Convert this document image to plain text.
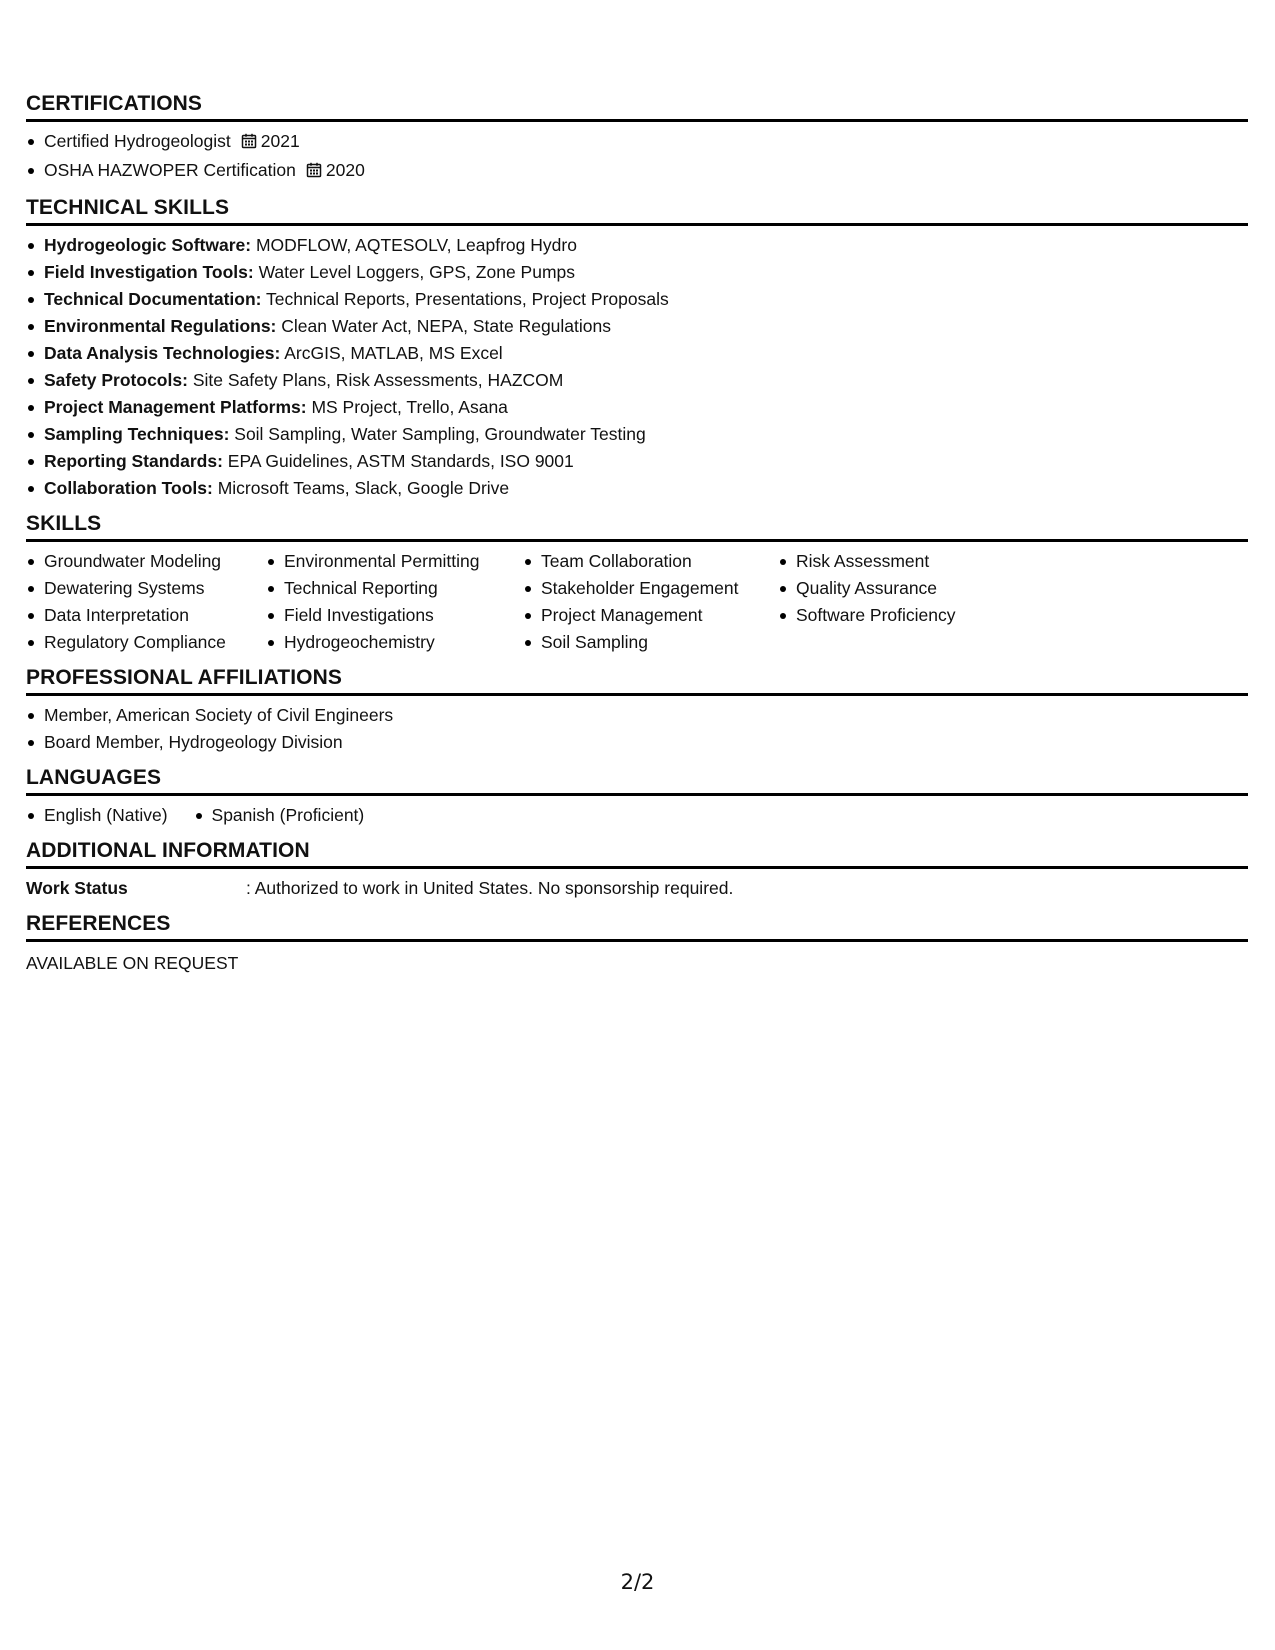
CERTIFICATIONS
Certified Hydrogeologist 2021
OSHA HAZWOPER Certification 2020
TECHNICAL SKILLS
Hydrogeologic Software: MODFLOW, AQTESOLV, Leapfrog Hydro
Field Investigation Tools: Water Level Loggers, GPS, Zone Pumps
Technical Documentation: Technical Reports, Presentations, Project Proposals
Environmental Regulations: Clean Water Act, NEPA, State Regulations
Data Analysis Technologies: ArcGIS, MATLAB, MS Excel
Safety Protocols: Site Safety Plans, Risk Assessments, HAZCOM
Project Management Platforms: MS Project, Trello, Asana
Sampling Techniques: Soil Sampling, Water Sampling, Groundwater Testing
Reporting Standards: EPA Guidelines, ASTM Standards, ISO 9001
Collaboration Tools: Microsoft Teams, Slack, Google Drive
SKILLS
Groundwater Modeling
Dewatering Systems
Data Interpretation
Regulatory Compliance
Environmental Permitting
Technical Reporting
Field Investigations
Hydrogeochemistry
Team Collaboration
Stakeholder Engagement
Project Management
Soil Sampling
Risk Assessment
Quality Assurance
Software Proficiency
PROFESSIONAL AFFILIATIONS
Member, American Society of Civil Engineers
Board Member, Hydrogeology Division
LANGUAGES
English (Native)	Spanish (Proficient)
ADDITIONAL INFORMATION
Work Status	: Authorized to work in United States. No sponsorship required.
REFERENCES
AVAILABLE ON REQUEST
2/2
